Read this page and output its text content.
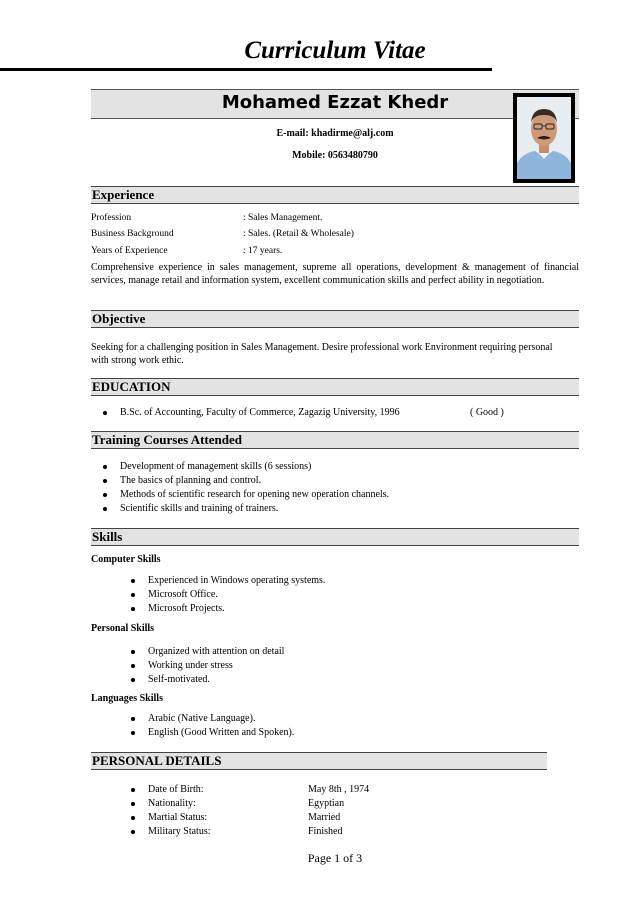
Curriculum Vitae
Mohamed Ezzat Khedr
E-mail: khadirme@alj.com
Mobile: 0563480790
Experience
Profession	: Sales Management.
Business Background	: Sales. (Retail & Wholesale)
Years of Experience	: 17 years.
Comprehensive experience in sales management, supreme all operations, development & management of financial services, manage retail and information system, excellent communication skills and perfect ability in negotiation.
Objective
Seeking for a challenging position in Sales Management. Desire professional work Environment requiring personal with strong work ethic.
EDUCATION
B.Sc. of Accounting, Faculty of Commerce, Zagazig University, 1996	( Good )
Training Courses Attended
Development of management skills (6 sessions)
The basics of planning and control.
Methods of scientific research for opening new operation channels.
Scientific skills and training of trainers.
Skills
Computer Skills
Experienced in Windows operating systems.
Microsoft Office.
Microsoft Projects.
Personal Skills
Organized with attention on detail
Working under stress
Self-motivated.
Languages Skills
Arabic (Native Language).
English (Good Written and Spoken).
PERSONAL DETAILS
Date of Birth:	May 8th , 1974
Nationality:	Egyptian
Martial Status:	Married
Military Status:	Finished
Page 1 of 3
